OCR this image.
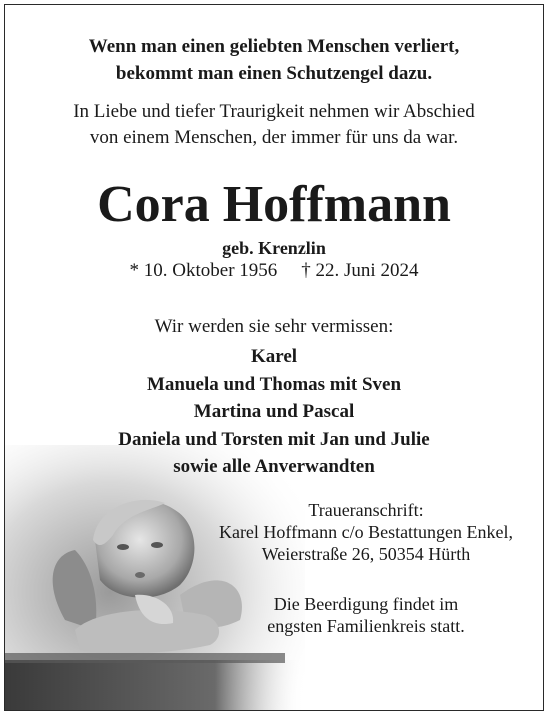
Wenn man einen geliebten Menschen verliert,
bekommt man einen Schutzengel dazu.
In Liebe und tiefer Traurigkeit nehmen wir Abschied
von einem Menschen, der immer für uns da war.
Cora Hoffmann
geb. Krenzlin
* 10. Oktober 1956 † 22. Juni 2024
Wir werden sie sehr vermissen:
Karel
Manuela und Thomas mit Sven
Martina und Pascal
Daniela und Torsten mit Jan und Julie
sowie alle Anverwandten
Traueranschrift:
Karel Hoffmann c/o Bestattungen Enkel,
Weierstraße 26, 50354 Hürth
Die Beerdigung findet im
engsten Familienkreis statt.
